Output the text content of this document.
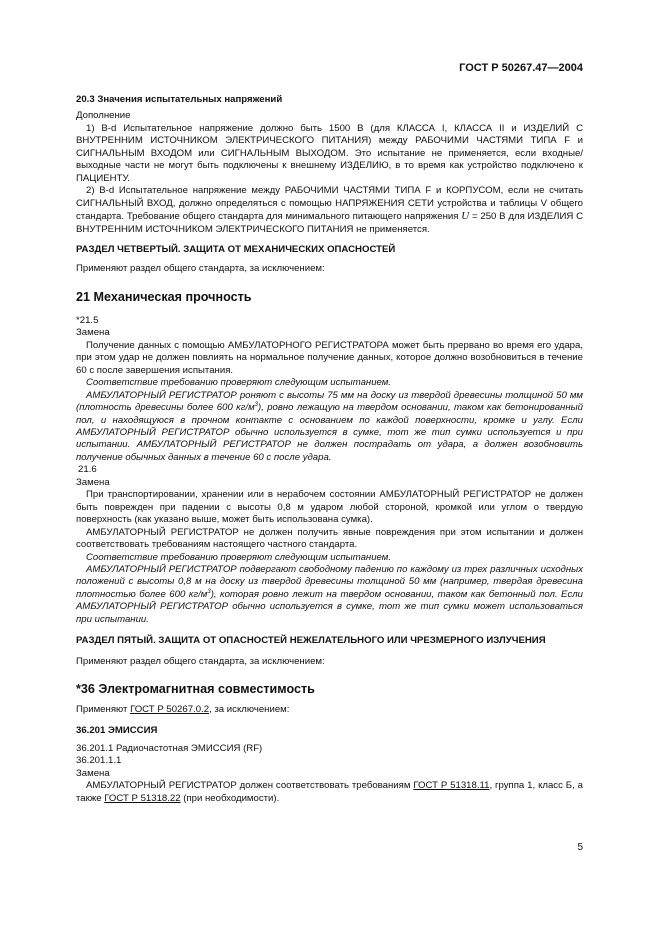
ГОСТ Р 50267.47—2004

20.3 Значения испытательных напряжений

Дополнение

1) B-d Испытательное напряжение должно быть 1500 В (для КЛАССА I, КЛАССА II и ИЗДЕЛИЙ С ВНУТРЕННИМ ИСТОЧНИКОМ ЭЛЕКТРИЧЕСКОГО ПИТАНИЯ) между РАБОЧИМИ ЧАСТЯМИ ТИПА F и СИГНАЛЬНЫМ ВХОДОМ или СИГНАЛЬНЫМ ВЫХОДОМ. Это испытание не применяется, если входные/выходные части не могут быть подключены к внешнему ИЗДЕЛИЮ, в то время как устройство подключено к ПАЦИЕНТУ.

2) B-d Испытательное напряжение между РАБОЧИМИ ЧАСТЯМИ ТИПА F и КОРПУСОМ, если не считать СИГНАЛЬНЫЙ ВХОД, должно определяться с помощью НАПРЯЖЕНИЯ СЕТИ устройства и таблицы V общего стандарта. Требование общего стандарта для минимального питающего напряжения U = 250 В для ИЗДЕЛИЯ С ВНУТРЕННИМ ИСТОЧНИКОМ ЭЛЕКТРИЧЕСКОГО ПИТАНИЯ не применяется.

РАЗДЕЛ ЧЕТВЕРТЫЙ. ЗАЩИТА ОТ МЕХАНИЧЕСКИХ ОПАСНОСТЕЙ

Применяют раздел общего стандарта, за исключением:

21 Механическая прочность

*21.5

Замена

Получение данных с помощью АМБУЛАТОРНОГО РЕГИСТРАТОРА может быть прервано во время его удара, при этом удар не должен повлиять на нормальное получение данных, которое должно возобновиться в течение 60 с после завершения испытания.

Соответствие требованию проверяют следующим испытанием.

АМБУЛАТОРНЫЙ РЕГИСТРАТОР роняют с высоты 75 мм на доску из твердой древесины толщиной 50 мм (плотность древесины более 600 $кг/м^3$), ровно лежащую на твердом основании, таком как бетонированный пол, и находящуюся в прочном контакте с основанием по каждой поверхности, кромке и углу. Если АМБУЛАТОРНЫЙ РЕГИСТРАТОР обычно используется в сумке, тот же тип сумки используется и при испытании. АМБУЛАТОРНЫЙ РЕГИСТРАТОР не должен пострадать от удара, а должен возобновить получение обычных данных в течение 60 с после удара.

21.6

Замена

При транспортировании, хранении или в нерабочем состоянии АМБУЛАТОРНЫЙ РЕГИСТРАТОР не должен быть поврежден при падении с высоты 0,8 м ударом любой стороной, кромкой или углом о твердую поверхность (как указано выше, может быть использована сумка).

АМБУЛАТОРНЫЙ РЕГИСТРАТОР не должен получить явные повреждения при этом испытании и должен соответствовать требованиям настоящего частного стандарта.

Соответствие требованию проверяют следующим испытанием.

АМБУЛАТОРНЫЙ РЕГИСТРАТОР подвергают свободному падению по каждому из трех различных исходных положений с высоты 0,8 м на доску из твердой древесины толщиной 50 мм (например, твердая древесина плотностью более 600 $кг/м^3$), которая ровно лежит на твердом основании, таком как бетонный пол. Если АМБУЛАТОРНЫЙ РЕГИСТРАТОР обычно используется в сумке, тот же тип сумки может использоваться при испытании.

РАЗДЕЛ ПЯТЫЙ. ЗАЩИТА ОТ ОПАСНОСТЕЙ НЕЖЕЛАТЕЛЬНОГО ИЛИ ЧРЕЗМЕРНОГО ИЗЛУЧЕНИЯ

Применяют раздел общего стандарта, за исключением:

*36 Электромагнитная совместимость

Применяют ГОСТ Р 50267.0.2, за исключением:

36.201 ЭМИССИЯ

36.201.1 Радиочастотная ЭМИССИЯ (RF)

36.201.1.1

Замена

АМБУЛАТОРНЫЙ РЕГИСТРАТОР должен соответствовать требованиям ГОСТ Р 51318.11, группа 1, класс Б, а также ГОСТ Р 51318.22 (при необходимости).

5
